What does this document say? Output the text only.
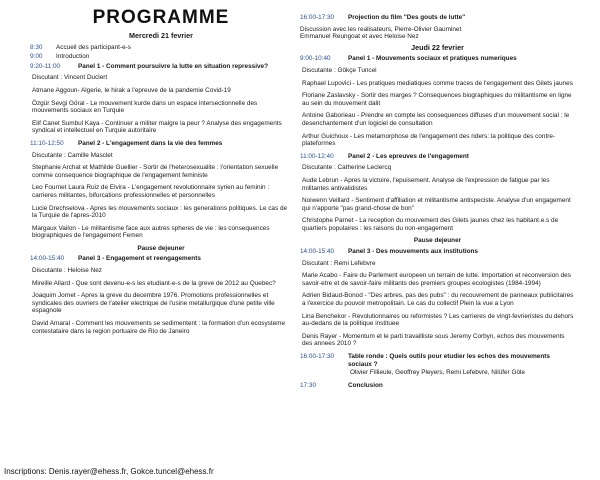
PROGRAMME
Mercredi 21 fevrier
8:30	Accueil des participant-e-s
9:00	Introduction
9:20-11:00	Panel 1 - Comment poursuivre la lutte en situation repressive?
Discutant : Vincent Duclert
Atmane Aggoun- Algerie, le hirak a l'epreuve de la pandemie Covid-19
Özgür Sevgi Göral - Le mouvement kurde dans un espace intersectionnelle des mouvements sociaux en Turquie
Elif Canet Sumbul Kaya - Continuer a militer malgre la peur ? Analyse des engagements syndical et intellectuel en Turquie autoritaire
11:10-12:50	Panel 2 - L'engagement dans la vie des femmes
Discutante : Camille Masclet
Stephanie Archat et Mathilde Guellier - Sortir de l'heterosexualite : l'orientation sexuelle comme consequence biographique de l'engagement feministe
Leo Fournet Laura Ruiz de Elvira - L'engagement revolutionnaire syrien au feminin : carrieres militantes, bifurcations professionnelles et personnelles
Lucie Drechselova - Apres les mouvements sociaux : les generations politiques. Le cas de la Turquie de l'apres-2010
Margaux Vailon - Le militantisme face aux autres spheres de vie : les consequences biographiques de l'engagement Femen
Pause dejeuner
14:00-15:40	Panel 3 - Engagement et reengagements
Discutante : Heloise Nez
Mireille Allard - Que sont devenu-e-s les etudiant-e-s de la greve de 2012 au Quebec?
Joaquim Jornet - Apres la greve du decembre 1976. Promotions professionnelles et syndicales des ouvriers de l'atelier electrique de l'usine metallurgique d'une petite ville espagnole
David Amaral - Comment les mouvements se sedimentent : la formation d'un ecosysteme contestataire dans la region portuaire de Rio de Janeiro
16:00-17:30	Projection du film "Des gouts de lutte"
Discussion avec les realisateurs, Pierre-Olivier Gauminet
Emmanuel Reungoat et avec Heloise Nez
Jeudi 22 fevrier
9:00-10:40	Panel 1 - Mouvements sociaux et pratiques numeriques
Discutante : Gökçe Tuncel
Raphael Lupovici - Les pratiques mediatiques comme traces de l'engagement des Gilets jaunes
Floriane Zaslavsky - Sortir des marges ? Consequences biographiques du militantisme en ligne au sein du mouvement dalit
Antoine Gaborieau - Prendre en compte les consequences diffuses d'un mouvement social : le desenchantement d'un logiciel de consultation
Arthur Guichoux - Les metamorphose de l'engagement des riders: la politique des contre-plateformes
11:00-12:40	Panel 2 - Les epreuves de l'engagement
Discutante : Catherine Leclercq
Aude Lebrun - Apres la victoire, l'epuisement. Analyse de l'expression de fatigue par les militantes antivalidistes
Noiwenn Veillard - Sentiment d'affiliation et militantisme antispeciste. Analyse d'un engagement qui n'apporte "pas grand-chose de bon"
Christophe Parnet - La reception du mouvement des Gilets jaunes chez les habitant.e.s de quartiers populaires : les raisons du non-engagement
Pause dejeuner
14:00-15:40	Panel 3 - Des mouvements aux institutions
Discutant : Remi Lefebvre
Marie Acabo - Faire du Parlement europeen un terrain de lutte. Importation et reconversion des savoir-etre et de savoir-faire militants des premiers groupes ecologistes (1984-1994)
Adrien Bidaud-Bonod - "Des arbres, pas des pubs" : du recouvrement de panneaux publicitaires a l'exercice du pouvoir metropolitain. Le cas du collectif Plein la vue a Lyon
Lina Benchekor - Revolutionnaires ou reformistes ? Les carrieres de vingt-fevrieristes du dehors au-dedans de la politique instituee
Denis Rayer - Momentum et le parti travailliste sous Jeremy Corbyn, echos des mouvements des annees 2010 ?
16:00-17:30	Table ronde : Quels outils pour etudier les echos des mouvements sociaux ?
Olivier Fillieule, Geoffrey Pleyers, Remi Lefebvre, Nilüfer Göle
17:30	Conclusion
Inscriptions: Denis.rayer@ehess.fr, Gokce.tuncel@ehess.fr
